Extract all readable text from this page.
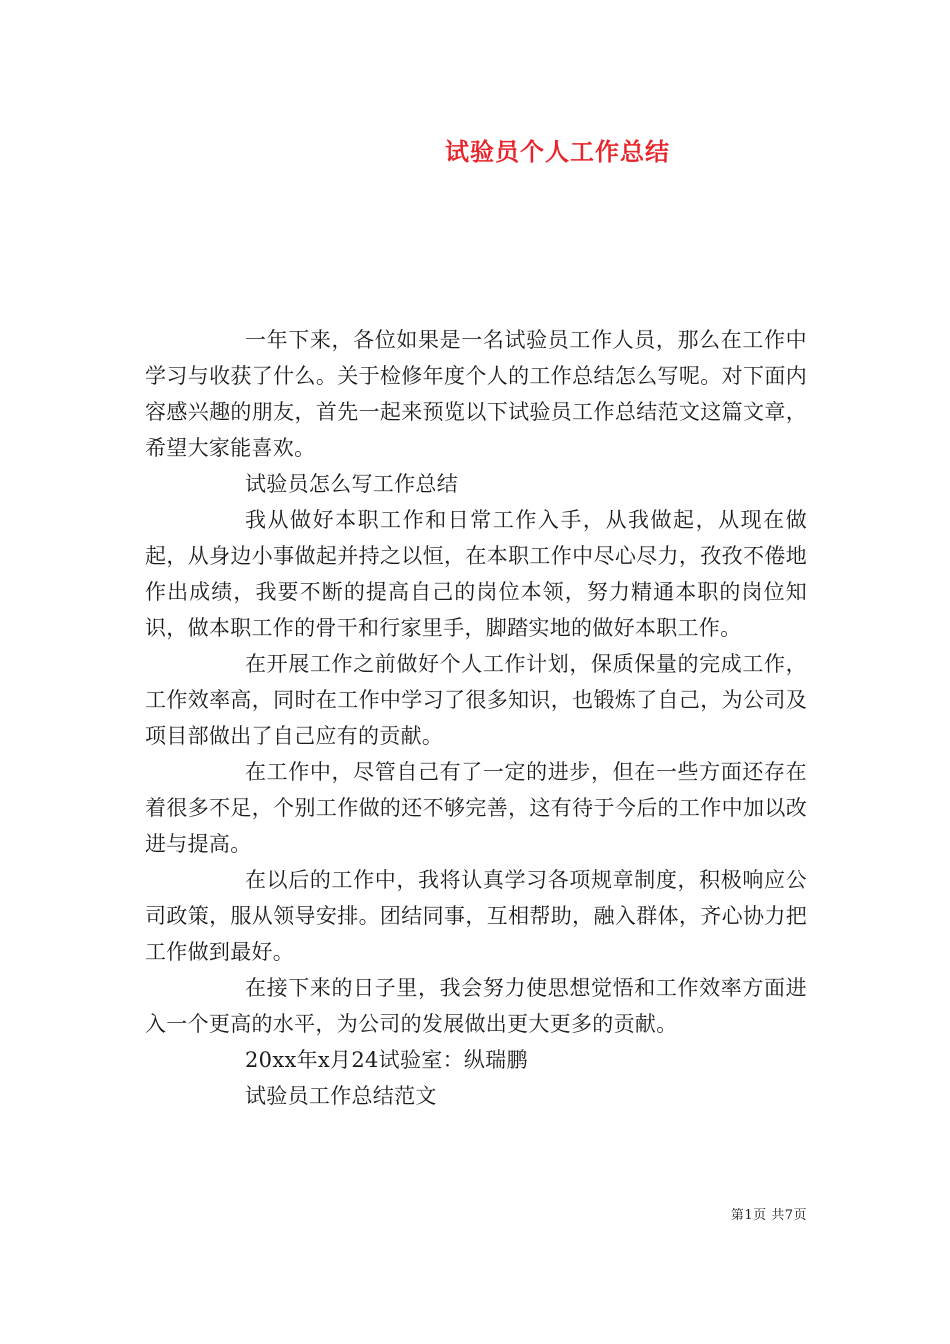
试验员个人工作总结

一年下来，各位如果是一名试验员工作人员，那么在工作中学习与收获了什么。关于检修年度个人的工作总结怎么写呢。对下面内容感兴趣的朋友，首先一起来预览以下试验员工作总结范文这篇文章，希望大家能喜欢。

试验员怎么写工作总结

我从做好本职工作和日常工作入手，从我做起，从现在做起，从身边小事做起并持之以恒，在本职工作中尽心尽力，孜孜不倦地作出成绩，我要不断的提高自己的岗位本领，努力精通本职的岗位知识，做本职工作的骨干和行家里手，脚踏实地的做好本职工作。

在开展工作之前做好个人工作计划，保质保量的完成工作，工作效率高，同时在工作中学习了很多知识，也锻炼了自己，为公司及项目部做出了自己应有的贡献。

在工作中，尽管自己有了一定的进步，但在一些方面还存在着很多不足，个别工作做的还不够完善，这有待于今后的工作中加以改进与提高。

在以后的工作中，我将认真学习各项规章制度，积极响应公司政策，服从领导安排。团结同事，互相帮助，融入群体，齐心协力把工作做到最好。

在接下来的日子里，我会努力使思想觉悟和工作效率方面进入一个更高的水平，为公司的发展做出更大更多的贡献。

20xx年x月24试验室：纵瑞鹏

试验员工作总结范文

第1页 共7页
